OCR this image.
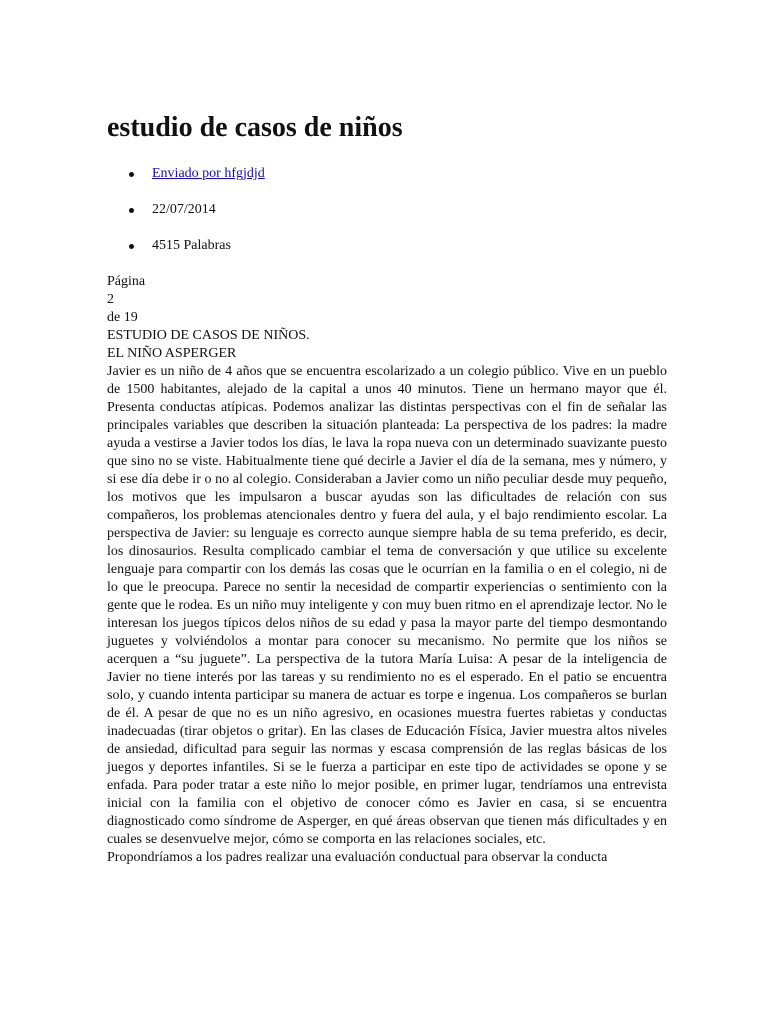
estudio de casos de niños
Enviado por hfgjdjd
22/07/2014
4515 Palabras
Página
2
de 19
ESTUDIO DE CASOS DE NIÑOS.
EL NIÑO ASPERGER

Javier es un niño de 4 años que se encuentra escolarizado a un colegio público. Vive en un pueblo de 1500 habitantes, alejado de la capital a unos 40 minutos. Tiene un hermano mayor que él. Presenta conductas atípicas. Podemos analizar las distintas perspectivas con el fin de señalar las principales variables que describen la situación planteada: La perspectiva de los padres: la madre ayuda a vestirse a Javier todos los días, le lava la ropa nueva con un determinado suavizante puesto que sino no se viste. Habitualmente tiene qué decirle a Javier el día de la semana, mes y número, y si ese día debe ir o no al colegio. Consideraban a Javier como un niño peculiar desde muy pequeño, los motivos que les impulsaron a buscar ayudas son las dificultades de relación con sus compañeros, los problemas atencionales dentro y fuera del aula, y el bajo rendimiento escolar. La perspectiva de Javier: su lenguaje es correcto aunque siempre habla de su tema preferido, es decir, los dinosaurios. Resulta complicado cambiar el tema de conversación y que utilice su excelente lenguaje para compartir con los demás las cosas que le ocurrían en la familia o en el colegio, ni de lo que le preocupa. Parece no sentir la necesidad de compartir experiencias o sentimiento con la gente que le rodea. Es un niño muy inteligente y con muy buen ritmo en el aprendizaje lector. No le interesan los juegos típicos delos niños de su edad y pasa la mayor parte del tiempo desmontando juguetes y volviéndolos a montar para conocer su mecanismo. No permite que los niños se acerquen a “su juguete”. La perspectiva de la tutora María Luisa: A pesar de la inteligencia de Javier no tiene interés por las tareas y su rendimiento no es el esperado. En el patio se encuentra solo, y cuando intenta participar su manera de actuar es torpe e ingenua. Los compañeros se burlan de él. A pesar de que no es un niño agresivo, en ocasiones muestra fuertes rabietas y conductas inadecuadas (tirar objetos o gritar). En las clases de Educación Física, Javier muestra altos niveles de ansiedad, dificultad para seguir las normas y escasa comprensión de las reglas básicas de los juegos y deportes infantiles. Si se le fuerza a participar en este tipo de actividades se opone y se enfada. Para poder tratar a este niño lo mejor posible, en primer lugar, tendríamos una entrevista inicial con la familia con el objetivo de conocer cómo es Javier en casa, si se encuentra diagnosticado como síndrome de Asperger, en qué áreas observan que tienen más dificultades y en cuales se desenvuelve mejor, cómo se comporta en las relaciones sociales, etc.

Propondríamos a los padres realizar una evaluación conductual para observar la conducta
